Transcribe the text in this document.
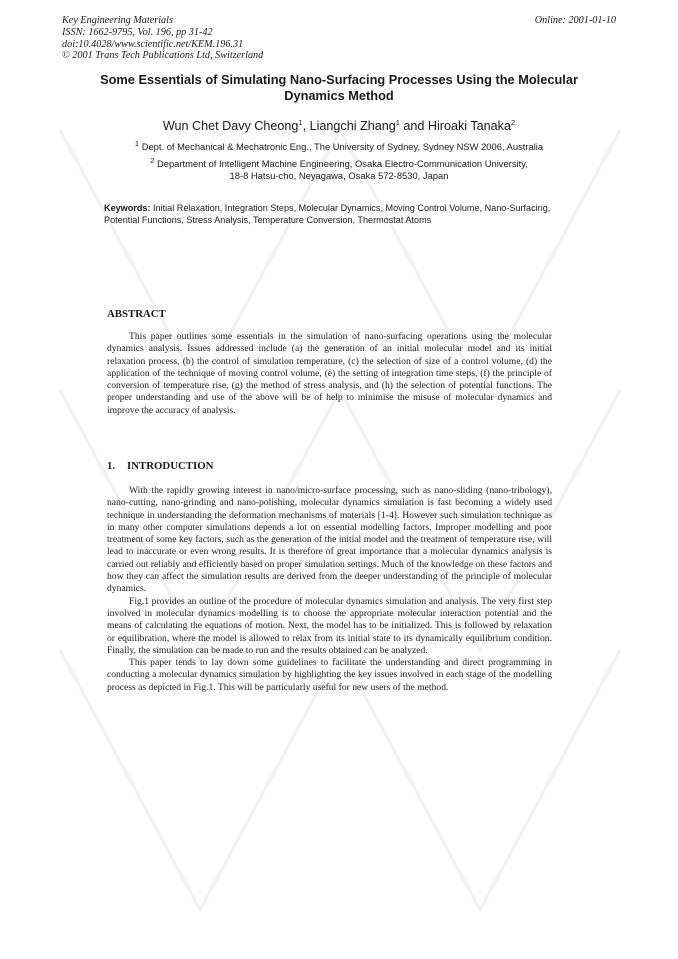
Key Engineering Materials
ISSN: 1662-9795, Vol. 196, pp 31-42
doi:10.4028/www.scientific.net/KEM.196.31
© 2001 Trans Tech Publications Ltd, Switzerland
Online: 2001-01-10
Some Essentials of Simulating Nano-Surfacing Processes Using the Molecular Dynamics Method
Wun Chet Davy Cheong$^1$, Liangchi Zhang$^1$ and Hiroaki Tanaka$^2$
$^1$ Dept. of Mechanical & Mechatronic Eng., The University of Sydney, Sydney NSW 2006, Australia
$^2$ Department of Intelligent Machine Engineering, Osaka Electro-Communication University,
18-8 Hatsu-cho, Neyagawa, Osaka 572-8530, Japan
Keywords: Initial Relaxation, Integration Steps, Molecular Dynamics, Moving Control Volume, Nano-Surfacing, Potential Functions, Stress Analysis, Temperature Conversion, Thermostat Atoms
ABSTRACT

This paper outlines some essentials in the simulation of nano-surfacing operations using the molecular dynamics analysis. Issues addressed include (a) the generation of an initial molecular model and its initial relaxation process, (b) the control of simulation temperature, (c) the selection of size of a control volume, (d) the application of the technique of moving control volume, (e) the setting of integration time steps, (f) the principle of conversion of temperature rise, (g) the method of stress analysis, and (h) the selection of potential functions. The proper understanding and use of the above will be of help to minimise the misuse of molecular dynamics and improve the accuracy of analysis.

1. INTRODUCTION

With the rapidly growing interest in nano/micro-surface processing, such as nano-sliding (nano-tribology), nano-cutting, nano-grinding and nano-polishing, molecular dynamics simulation is fast becoming a widely used technique in understanding the deformation mechanisms of materials [1-4]. However such simulation technique as in many other computer simulations depends a lot on essential modelling factors. Improper modelling and poor treatment of some key factors, such as the generation of the initial model and the treatment of temperature rise, will lead to inaccurate or even wrong results. It is therefore of great importance that a molecular dynamics analysis is carried out reliably and efficiently based on proper simulation settings. Much of the knowledge on these factors and how they can affect the simulation results are derived from the deeper understanding of the principle of molecular dynamics.

Fig.1 provides an outline of the procedure of molecular dynamics simulation and analysis. The very first step involved in molecular dynamics modelling is to choose the appropriate molecular interaction potential and the means of calculating the equations of motion. Next, the model has to be initialized. This is followed by relaxation or equilibration, where the model is allowed to relax from its initial state to its dynamically equilibrium condition. Finally, the simulation can be made to run and the results obtained can be analyzed.

This paper tends to lay down some guidelines to facilitate the understanding and direct programming in conducting a molecular dynamics simulation by highlighting the key issues involved in each stage of the modelling process as depicted in Fig.1. This will be particularly useful for new users of the method.
